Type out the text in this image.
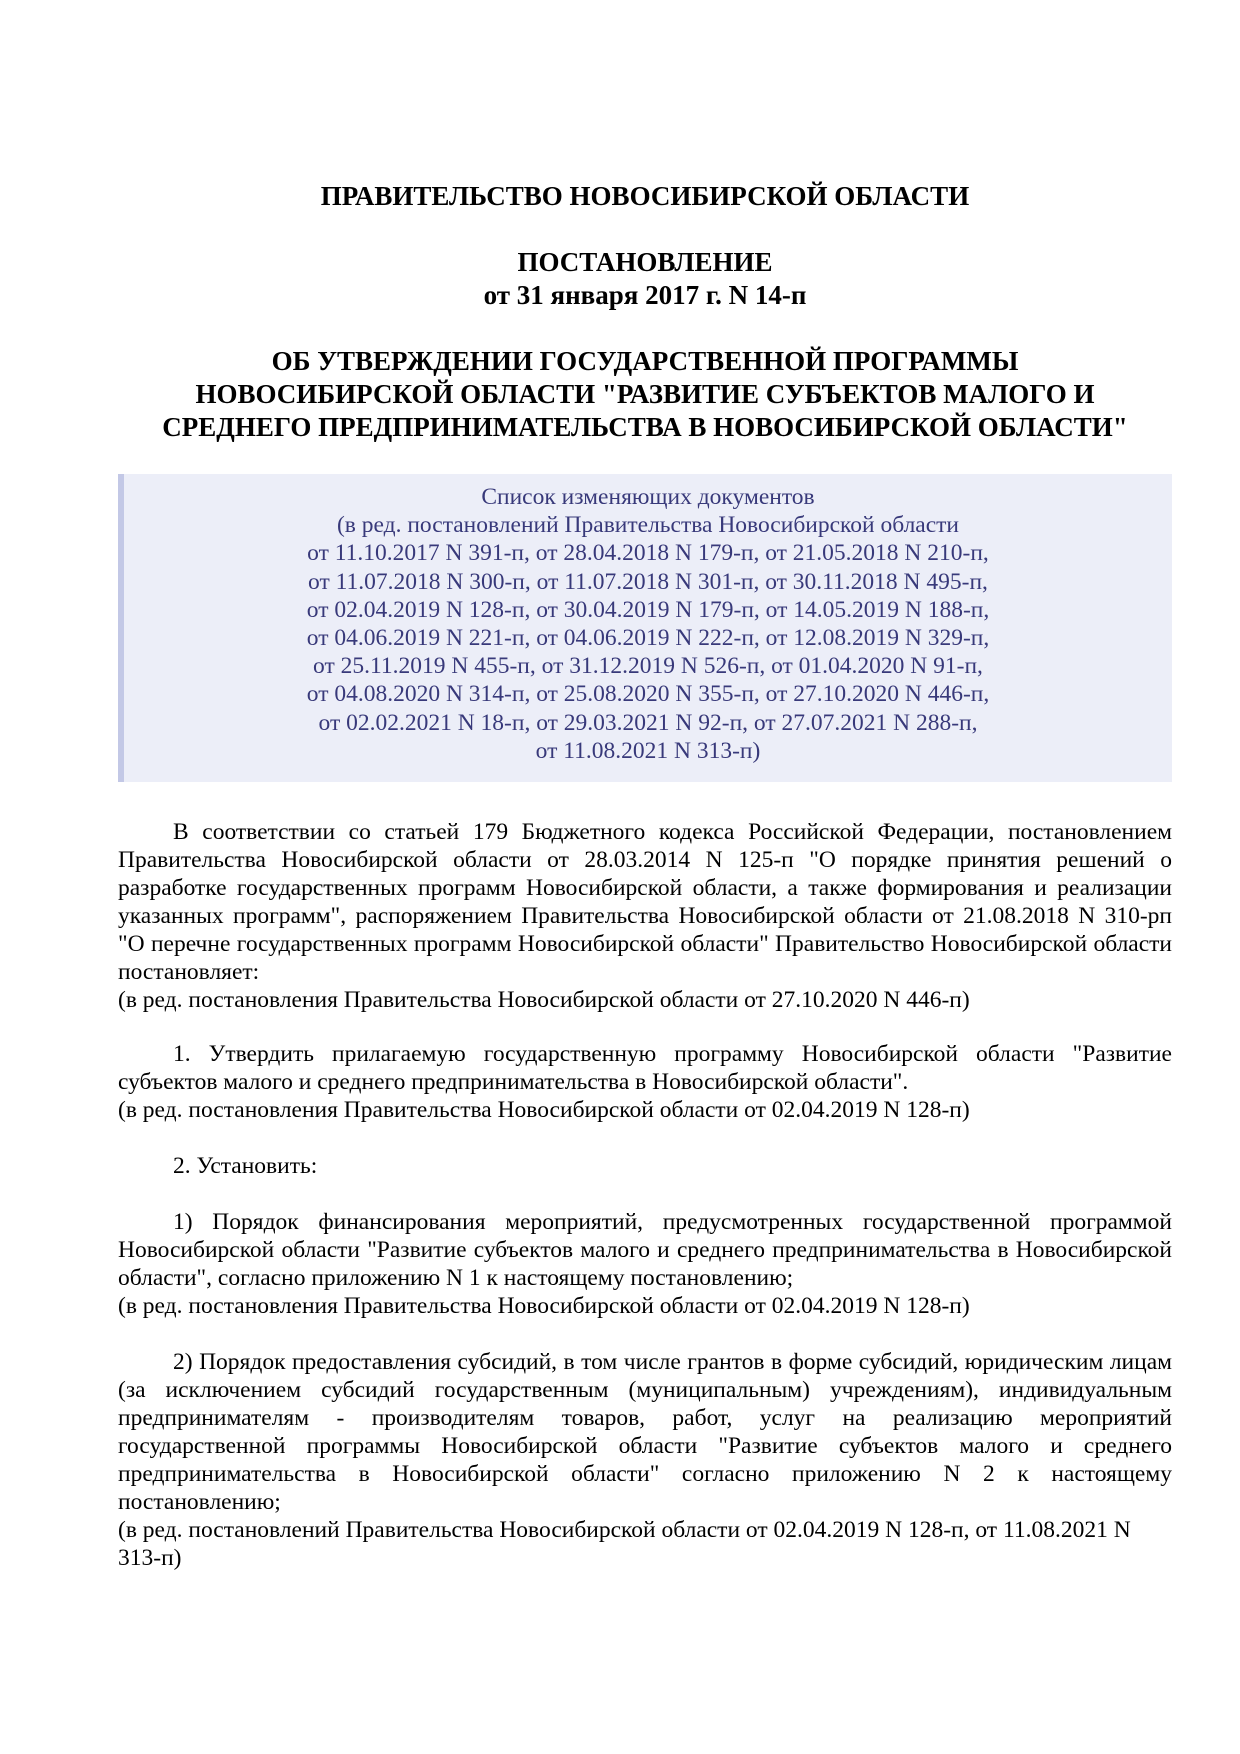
ПРАВИТЕЛЬСТВО НОВОСИБИРСКОЙ ОБЛАСТИ
ПОСТАНОВЛЕНИЕ
от 31 января 2017 г. N 14-п
ОБ УТВЕРЖДЕНИИ ГОСУДАРСТВЕННОЙ ПРОГРАММЫ
НОВОСИБИРСКОЙ ОБЛАСТИ "РАЗВИТИЕ СУБЪЕКТОВ МАЛОГО И
СРЕДНЕГО ПРЕДПРИНИМАТЕЛЬСТВА В НОВОСИБИРСКОЙ ОБЛАСТИ"
Список изменяющих документов
(в ред. постановлений Правительства Новосибирской области
от 11.10.2017 N 391-п, от 28.04.2018 N 179-п, от 21.05.2018 N 210-п,
от 11.07.2018 N 300-п, от 11.07.2018 N 301-п, от 30.11.2018 N 495-п,
от 02.04.2019 N 128-п, от 30.04.2019 N 179-п, от 14.05.2019 N 188-п,
от 04.06.2019 N 221-п, от 04.06.2019 N 222-п, от 12.08.2019 N 329-п,
от 25.11.2019 N 455-п, от 31.12.2019 N 526-п, от 01.04.2020 N 91-п,
от 04.08.2020 N 314-п, от 25.08.2020 N 355-п, от 27.10.2020 N 446-п,
от 02.02.2021 N 18-п, от 29.03.2021 N 92-п, от 27.07.2021 N 288-п,
от 11.08.2021 N 313-п)

В соответствии со статьей 179 Бюджетного кодекса Российской Федерации, постановлением Правительства Новосибирской области от 28.03.2014 N 125-п "О порядке принятия решений о разработке государственных программ Новосибирской области, а также формирования и реализации указанных программ", распоряжением Правительства Новосибирской области от 21.08.2018 N 310-рп "О перечне государственных программ Новосибирской области" Правительство Новосибирской области постановляет:

(в ред. постановления Правительства Новосибирской области от 27.10.2020 N 446-п)

1. Утвердить прилагаемую государственную программу Новосибирской области "Развитие субъектов малого и среднего предпринимательства в Новосибирской области".

(в ред. постановления Правительства Новосибирской области от 02.04.2019 N 128-п)

2. Установить:

1) Порядок финансирования мероприятий, предусмотренных государственной программой Новосибирской области "Развитие субъектов малого и среднего предпринимательства в Новосибирской области", согласно приложению N 1 к настоящему постановлению;

(в ред. постановления Правительства Новосибирской области от 02.04.2019 N 128-п)

2) Порядок предоставления субсидий, в том числе грантов в форме субсидий, юридическим лицам (за исключением субсидий государственным (муниципальным) учреждениям), индивидуальным предпринимателям - производителям товаров, работ, услуг на реализацию мероприятий государственной программы Новосибирской области "Развитие субъектов малого и среднего предпринимательства в Новосибирской области" согласно приложению N 2 к настоящему постановлению;

(в ред. постановлений Правительства Новосибирской области от 02.04.2019 N 128-п, от 11.08.2021 N 313-п)
